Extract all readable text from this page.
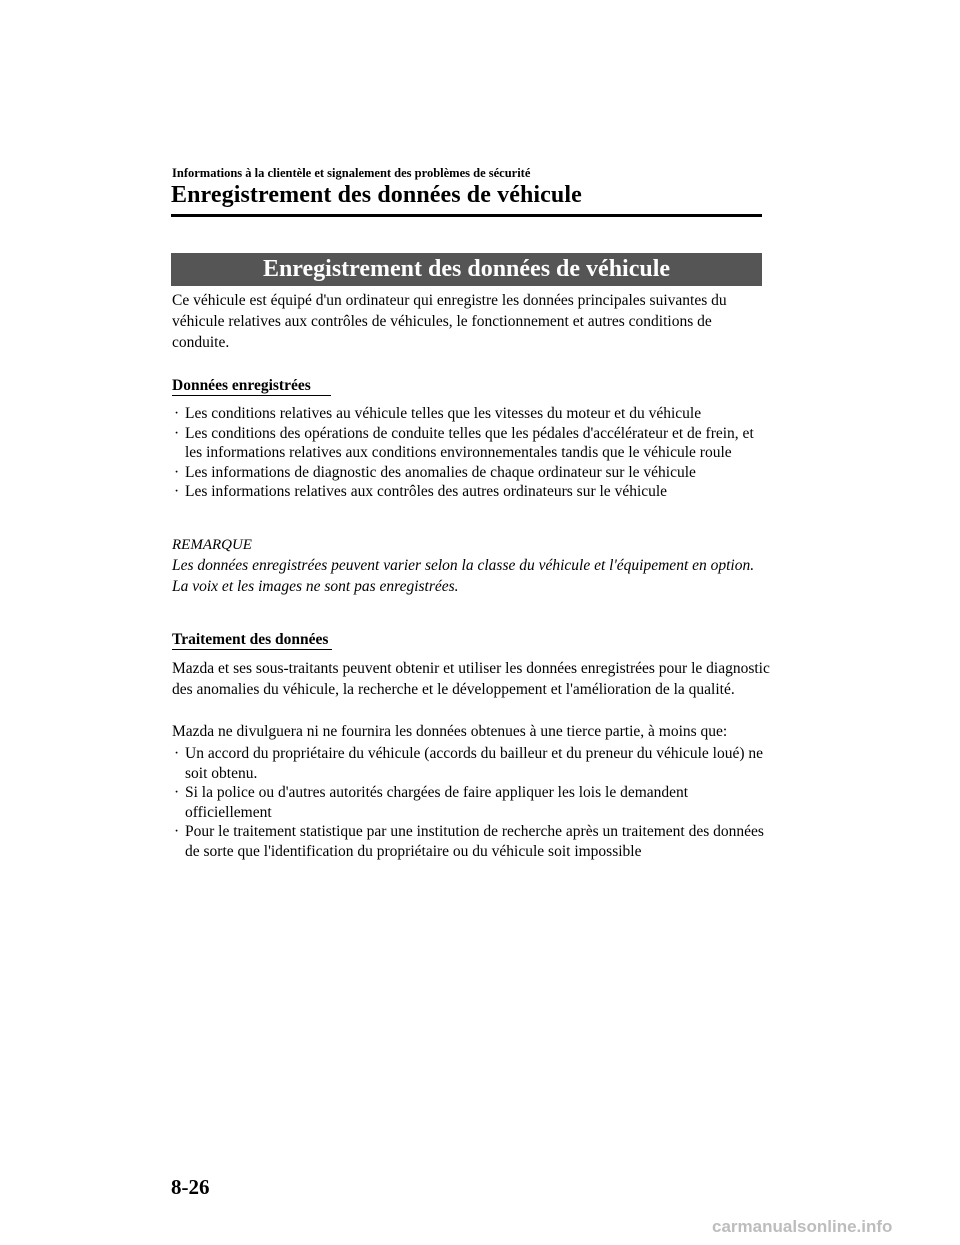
Informations à la clientèle et signalement des problèmes de sécurité
Enregistrement des données de véhicule
Enregistrement des données de véhicule

Ce véhicule est équipé d'un ordinateur qui enregistre les données principales suivantes du véhicule relatives aux contrôles de véhicules, le fonctionnement et autres conditions de conduite.

Données enregistrées
· Les conditions relatives au véhicule telles que les vitesses du moteur et du véhicule
· Les conditions des opérations de conduite telles que les pédales d'accélérateur et de frein, et les informations relatives aux conditions environnementales tandis que le véhicule roule
· Les informations de diagnostic des anomalies de chaque ordinateur sur le véhicule
· Les informations relatives aux contrôles des autres ordinateurs sur le véhicule
REMARQUE

Les données enregistrées peuvent varier selon la classe du véhicule et l'équipement en option. La voix et les images ne sont pas enregistrées.

Traitement des données

Mazda et ses sous-traitants peuvent obtenir et utiliser les données enregistrées pour le diagnostic des anomalies du véhicule, la recherche et le développement et l'amélioration de la qualité.

Mazda ne divulguera ni ne fournira les données obtenues à une tierce partie, à moins que:

· Un accord du propriétaire du véhicule (accords du bailleur et du preneur du véhicule loué) ne soit obtenu.
· Si la police ou d'autres autorités chargées de faire appliquer les lois le demandent officiellement
· Pour le traitement statistique par une institution de recherche après un traitement des données de sorte que l'identification du propriétaire ou du véhicule soit impossible
8-26
carmanualsonline.info
